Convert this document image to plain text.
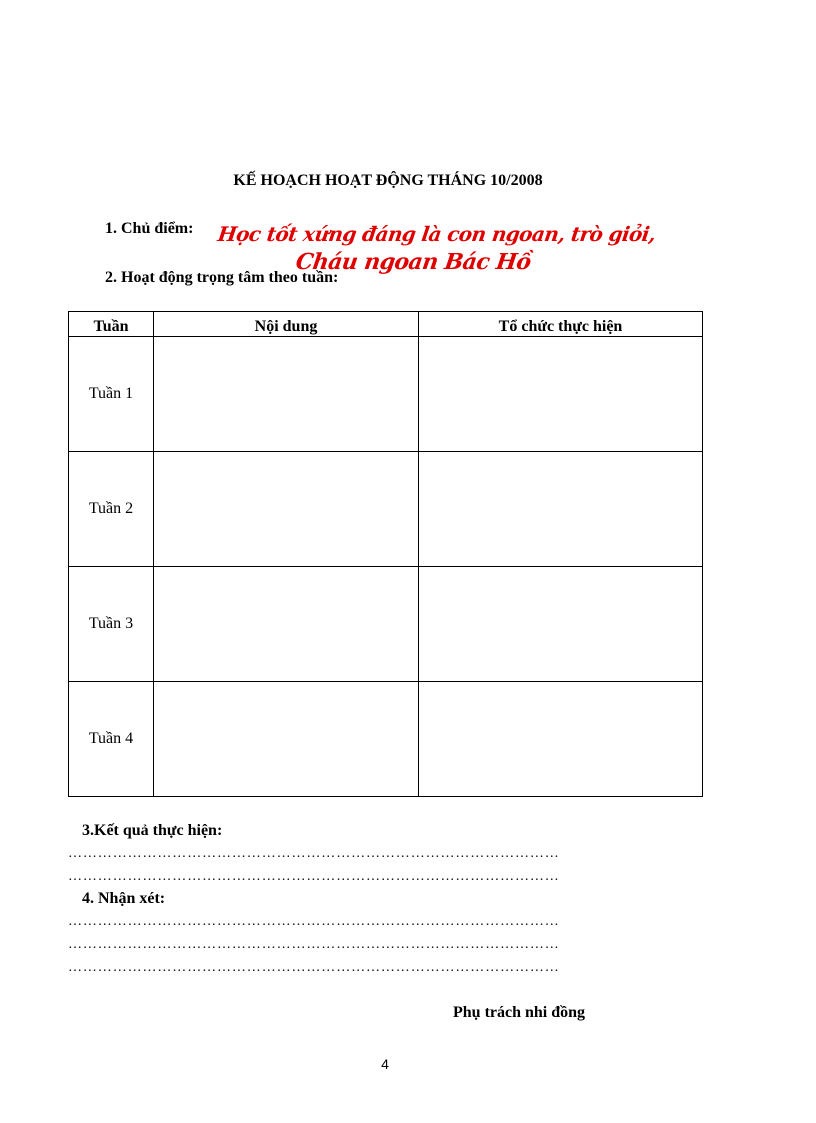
KẾ HOẠCH HOẠT ĐỘNG THÁNG 10/2008
1. Chủ điểm: Học tốt xứng đáng là con ngoan, trò giỏi,
Cháu ngoan Bác Hồ
2. Hoạt động trọng tâm theo tuần:
Tuần	Nội dung	Tổ chức thực hiện
Tuần 1		
Tuần 2		
Tuần 3		
Tuần 4		
3.Kết quả thực hiện:
………………………………………………………………………………………
………………………………………………………………………………………
4. Nhận xét:
………………………………………………………………………………………
………………………………………………………………………………………
………………………………………………………………………………………
Phụ trách nhi đồng
4
